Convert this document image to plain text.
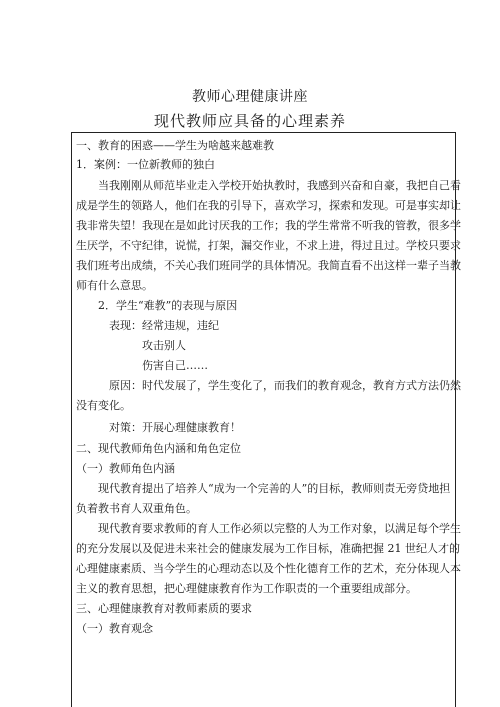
教师心理健康讲座
现代教师应具备的心理素养
一、教育的困惑——学生为啥越来越难教
1．案例：一位新教师的独白
当我刚刚从师范毕业走入学校开始执教时，我感到兴奋和自豪，我把自己看
成是学生的领路人，他们在我的引导下，喜欢学习，探索和发现。可是事实却让
我非常失望！我现在是如此讨厌我的工作；我的学生常常不听我的管教，很多学
生厌学，不守纪律，说慌，打架，漏交作业，不求上进，得过且过。学校只要求
我们班考出成绩，不关心我们班同学的具体情况。我简直看不出这样一辈子当教
师有什么意思。
2．学生“难教”的表现与原因
表现：经常违规，违纪
攻击别人
伤害自己……
原因：时代发展了，学生变化了，而我们的教育观念，教育方式方法仍然
没有变化。
对策：开展心理健康教育！
二、现代教师角色内涵和角色定位
（一）教师角色内涵
现代教育提出了培养人“成为一个完善的人”的目标，教师则责无旁贷地担
负着教书育人双重角色。
现代教育要求教师的育人工作必须以完整的人为工作对象，以满足每个学生
的充分发展以及促进未来社会的健康发展为工作目标，准确把握 21 世纪人才的
心理健康素质、当今学生的心理动态以及个性化德育工作的艺术，充分体现人本
主义的教育思想，把心理健康教育作为工作职责的一个重要组成部分。
三、心理健康教育对教师素质的要求
（一）教育观念
